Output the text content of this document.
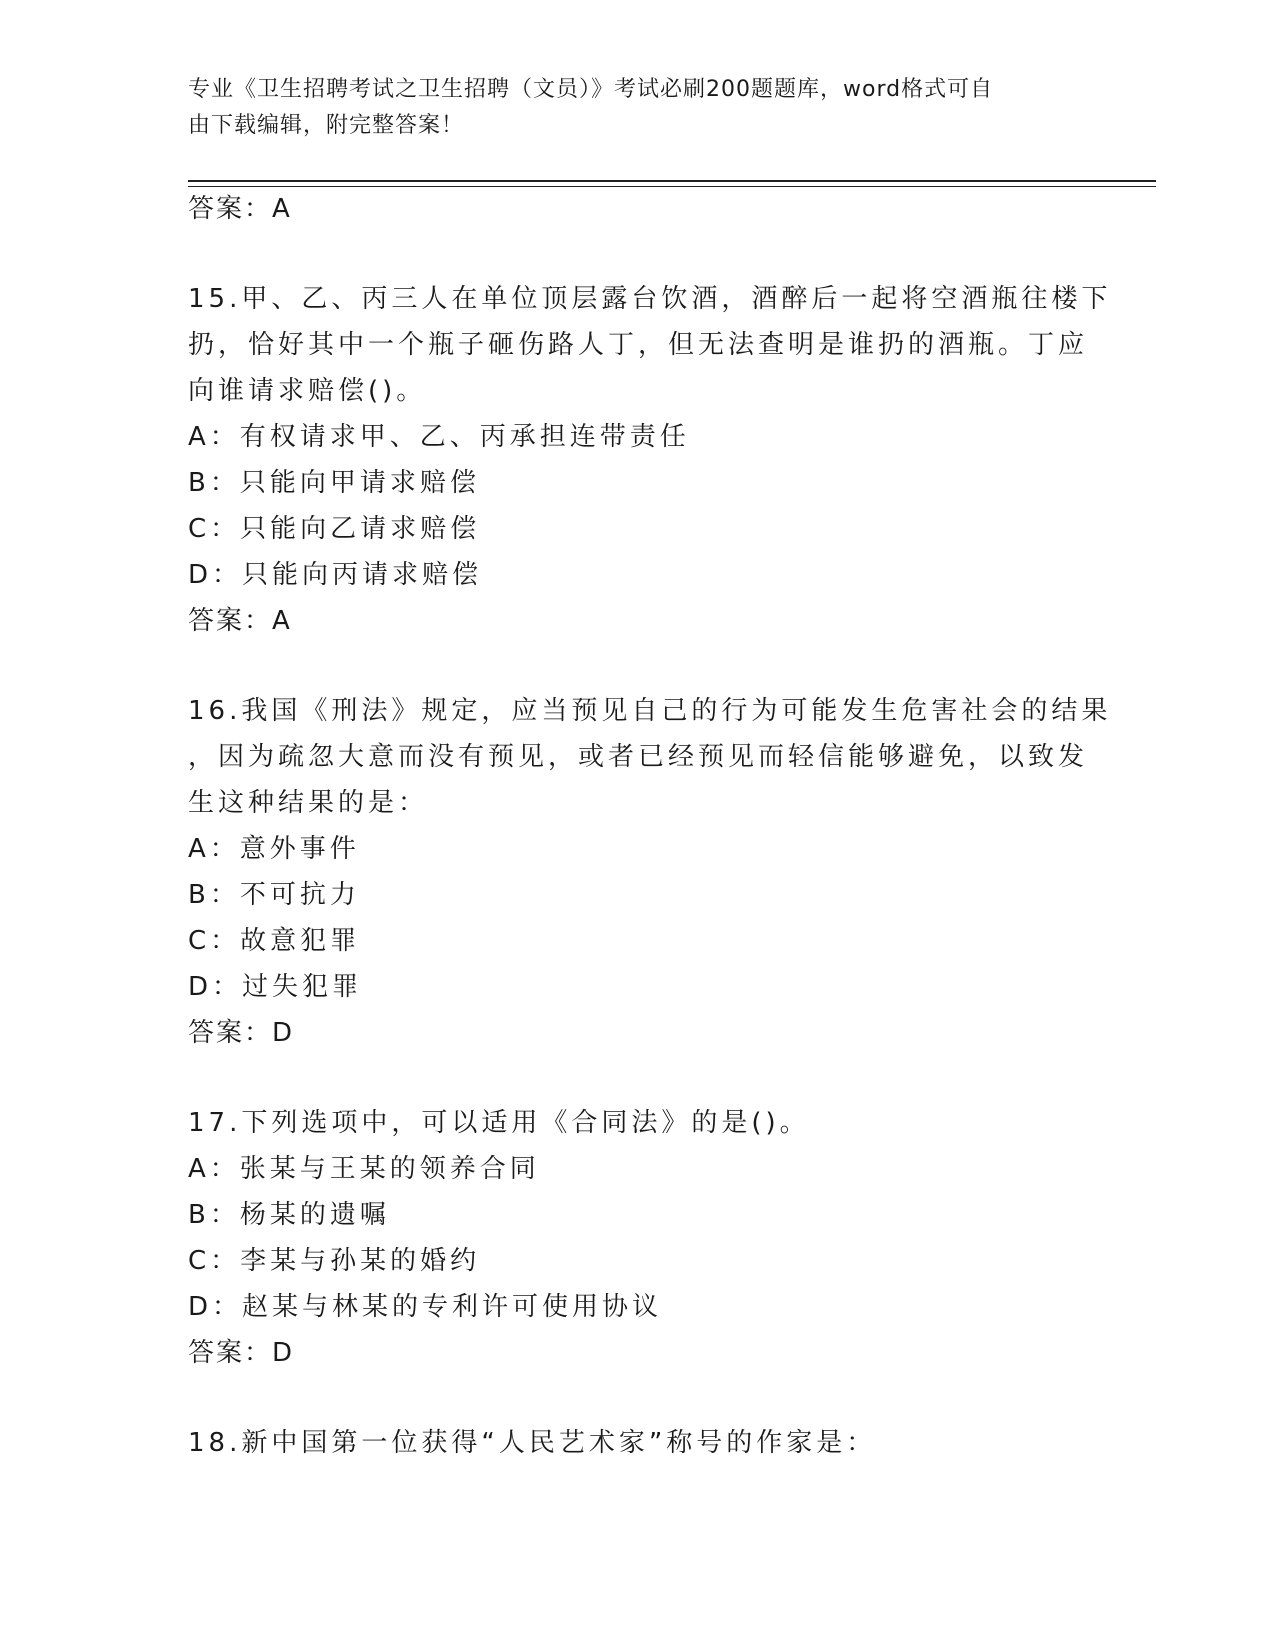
专业《卫生招聘考试之卫生招聘（文员）》考试必刷200题题库，word格式可自
由下载编辑，附完整答案！
答案：A
15.甲、乙、丙三人在单位顶层露台饮酒，酒醉后一起将空酒瓶往楼下
扔，恰好其中一个瓶子砸伤路人丁，但无法查明是谁扔的酒瓶。丁应
向谁请求赔偿()。
A：有权请求甲、乙、丙承担连带责任
B：只能向甲请求赔偿
C：只能向乙请求赔偿
D：只能向丙请求赔偿
答案：A
16.我国《刑法》规定，应当预见自己的行为可能发生危害社会的结果
，因为疏忽大意而没有预见，或者已经预见而轻信能够避免，以致发
生这种结果的是：
A：意外事件
B：不可抗力
C：故意犯罪
D：过失犯罪
答案：D
17.下列选项中，可以适用《合同法》的是()。
A：张某与王某的领养合同
B：杨某的遗嘱
C：李某与孙某的婚约
D：赵某与林某的专利许可使用协议
答案：D
18.新中国第一位获得“人民艺术家”称号的作家是：
